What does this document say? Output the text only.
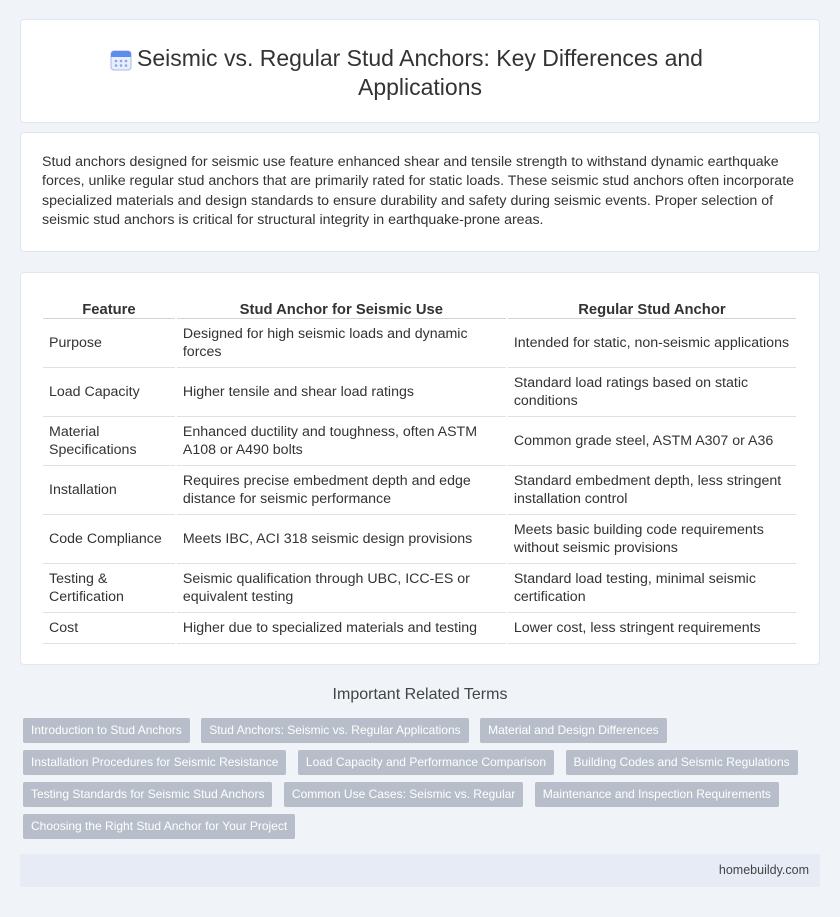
Seismic vs. Regular Stud Anchors: Key Differences and Applications
Stud anchors designed for seismic use feature enhanced shear and tensile strength to withstand dynamic earthquake forces, unlike regular stud anchors that are primarily rated for static loads. These seismic stud anchors often incorporate specialized materials and design standards to ensure durability and safety during seismic events. Proper selection of seismic stud anchors is critical for structural integrity in earthquake-prone areas.
Feature	Stud Anchor for Seismic Use	Regular Stud Anchor
Purpose	Designed for high seismic loads and dynamic forces	Intended for static, non-seismic applications
Load Capacity	Higher tensile and shear load ratings	Standard load ratings based on static conditions
Material Specifications	Enhanced ductility and toughness, often ASTM A108 or A490 bolts	Common grade steel, ASTM A307 or A36
Installation	Requires precise embedment depth and edge distance for seismic performance	Standard embedment depth, less stringent installation control
Code Compliance	Meets IBC, ACI 318 seismic design provisions	Meets basic building code requirements without seismic provisions
Testing & Certification	Seismic qualification through UBC, ICC-ES or equivalent testing	Standard load testing, minimal seismic certification
Cost	Higher due to specialized materials and testing	Lower cost, less stringent requirements
Important Related Terms
Introduction to Stud Anchors Stud Anchors: Seismic vs. Regular Applications Material and Design Differences Installation Procedures for Seismic Resistance Load Capacity and Performance Comparison Building Codes and Seismic Regulations Testing Standards for Seismic Stud Anchors Common Use Cases: Seismic vs. Regular Maintenance and Inspection Requirements Choosing the Right Stud Anchor for Your Project
homebuildy.com
